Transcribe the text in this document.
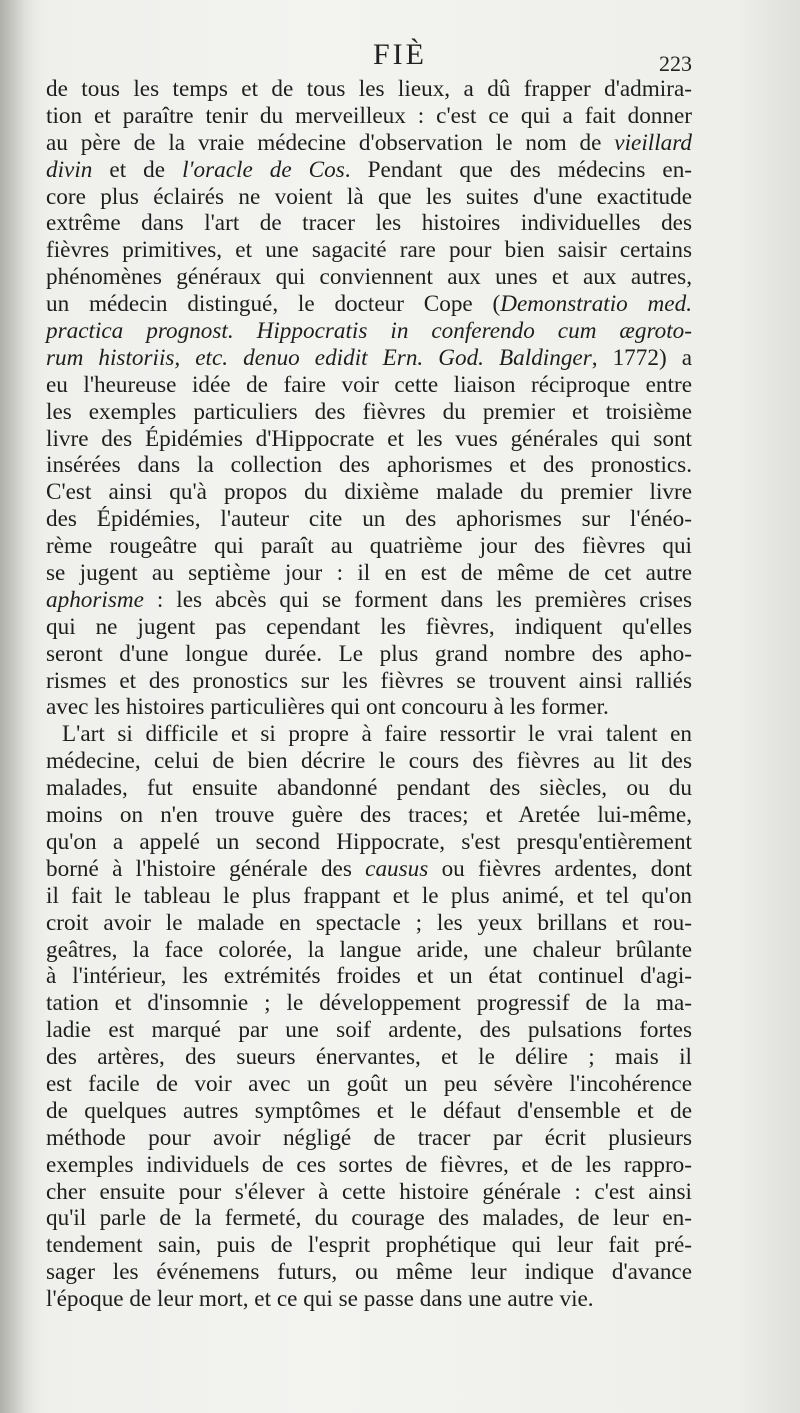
FIÈ	223
de tous les temps et de tous les lieux, a dû frapper d'admira-
tion et paraître tenir du merveilleux : c'est ce qui a fait donner
au père de la vraie médecine d'observation le nom de vieillard
divin et de l'oracle de Cos. Pendant que des médecins en-
core plus éclairés ne voient là que les suites d'une exactitude
extrême dans l'art de tracer les histoires individuelles des
fièvres primitives, et une sagacité rare pour bien saisir certains
phénomènes généraux qui conviennent aux unes et aux autres,
un médecin distingué, le docteur Cope (Demonstratio med.
practica prognost. Hippocratis in conferendo cum ægroto-
rum historiis, etc. denuo edidit Ern. God. Baldinger, 1772) a
eu l'heureuse idée de faire voir cette liaison réciproque entre
les exemples particuliers des fièvres du premier et troisième
livre des Épidémies d'Hippocrate et les vues générales qui sont
insérées dans la collection des aphorismes et des pronostics.
C'est ainsi qu'à propos du dixième malade du premier livre
des Épidémies, l'auteur cite un des aphorismes sur l'énéo-
rème rougeâtre qui paraît au quatrième jour des fièvres qui
se jugent au septième jour : il en est de même de cet autre
aphorisme : les abcès qui se forment dans les premières crises
qui ne jugent pas cependant les fièvres, indiquent qu'elles
seront d'une longue durée. Le plus grand nombre des apho-
rismes et des pronostics sur les fièvres se trouvent ainsi ralliés
avec les histoires particulières qui ont concouru à les former.
L'art si difficile et si propre à faire ressortir le vrai talent en
médecine, celui de bien décrire le cours des fièvres au lit des
malades, fut ensuite abandonné pendant des siècles, ou du
moins on n'en trouve guère des traces; et Aretée lui-même,
qu'on a appelé un second Hippocrate, s'est presqu'entièrement
borné à l'histoire générale des causus ou fièvres ardentes, dont
il fait le tableau le plus frappant et le plus animé, et tel qu'on
croit avoir le malade en spectacle ; les yeux brillans et rou-
geâtres, la face colorée, la langue aride, une chaleur brûlante
à l'intérieur, les extrémités froides et un état continuel d'agi-
tation et d'insomnie ; le développement progressif de la ma-
ladie est marqué par une soif ardente, des pulsations fortes
des artères, des sueurs énervantes, et le délire ; mais il
est facile de voir avec un goût un peu sévère l'incohérence
de quelques autres symptômes et le défaut d'ensemble et de
méthode pour avoir négligé de tracer par écrit plusieurs
exemples individuels de ces sortes de fièvres, et de les rappro-
cher ensuite pour s'élever à cette histoire générale : c'est ainsi
qu'il parle de la fermeté, du courage des malades, de leur en-
tendement sain, puis de l'esprit prophétique qui leur fait pré-
sager les événemens futurs, ou même leur indique d'avance
l'époque de leur mort, et ce qui se passe dans une autre vie.
